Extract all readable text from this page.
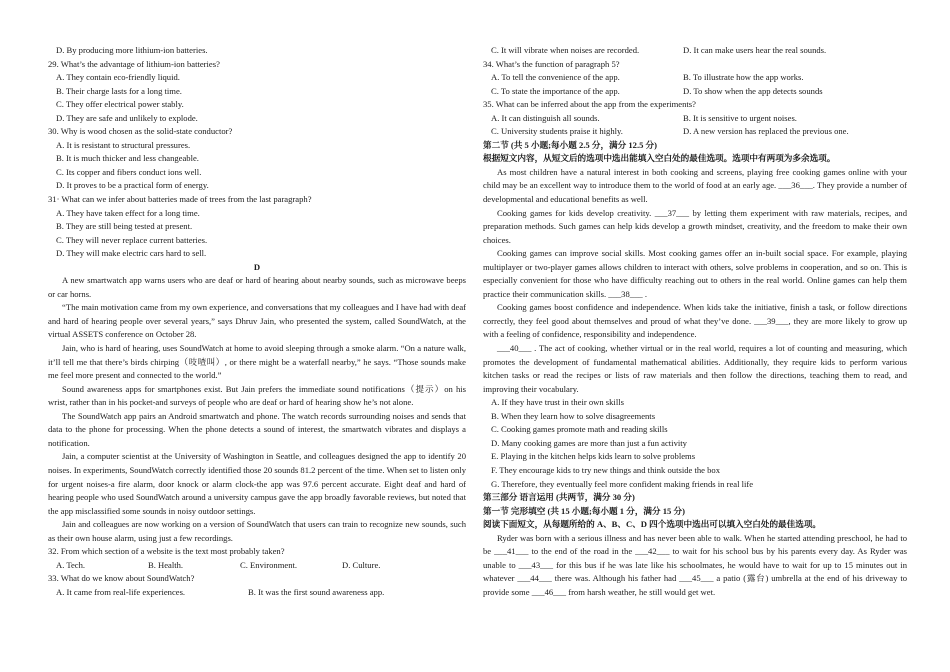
D. By producing more lithium-ion batteries.
29. What’s the advantage of lithium-ion batteries?
A. They contain eco-friendly liquid.
B. Their charge lasts for a long time.
C. They offer electrical power stably.
D. They are safe and unlikely to explode.
30. Why is wood chosen as the solid-state conductor?
A. It is resistant to structural pressures.
B. It is much thicker and less changeable.
C. Its copper and fibers conduct ions well.
D. It proves to be a practical form of energy.
31· What can we infer about batteries made of trees from the last paragraph?
A. They have taken effect for a long time.
B. They are still being tested at present.
C. They will never replace current batteries.
D. They will make electric cars hard to sell.
D
A new smartwatch app warns users who are deaf or hard of hearing about nearby sounds, such as microwave beeps or car horns.
“The main motivation came from my own experience, and conversations that my colleagues and I have had with deaf and hard of hearing people over several years,” says Dhruv Jain, who presented the system, called SoundWatch, at the virtual ASSETS conference on October 28.
Jain, who is hard of hearing, uses SoundWatch at home to avoid sleeping through a smoke alarm. “On a nature walk, it’ll tell me that there’s birds chirping（吱喳叫）, or there might be a waterfall nearby,” he says. “Those sounds make me feel more present and connected to the world.”
Sound awareness apps for smartphones exist. But Jain prefers the immediate sound notifications（提示）on his wrist, rather than in his pocket-and surveys of people who are deaf or hard of hearing show he’s not alone.
The SoundWatch app pairs an Android smartwatch and phone. The watch records surrounding noises and sends that data to the phone for processing. When the phone detects a sound of interest, the smartwatch vibrates and displays a notification.
Jain, a computer scientist at the University of Washington in Seattle, and colleagues designed the app to identify 20 noises. In experiments, SoundWatch correctly identified those 20 sounds 81.2 percent of the time. When set to listen only for urgent noises-a fire alarm, door knock or alarm clock-the app was 97.6 percent accurate. Eight deaf and hard of hearing people who used SoundWatch around a university campus gave the app broadly favorable reviews, but noted that the app misclassified some sounds in noisy outdoor settings.
Jain and colleagues are now working on a version of SoundWatch that users can train to recognize new sounds, such as their own house alarm, using just a few recordings.
32. From which section of a website is the text most probably taken?
A. Tech.	B. Health.	C. Environment.	D. Culture.
33. What do we know about SoundWatch?
A. It came from real-life experiences.	B. It was the first sound awareness app.
C. It will vibrate when noises are recorded.	D. It can make users hear the real sounds.
34. What’s the function of paragraph 5?
A. To tell the convenience of the app.	B. To illustrate how the app works.
C. To state the importance of the app.	D. To show when the app detects sounds
35. What can be inferred about the app from the experiments?
A. It can distinguish all sounds.	B. It is sensitive to urgent noises.
C. University students praise it highly.	D. A new version has replaced the previous one.
第二节 (共 5 小题;每小题 2.5 分，满分 12.5 分)
根据短文内容，从短文后的选项中选出能填入空白处的最佳选项。选项中有两项为多余选项。
As most children have a natural interest in both cooking and screens, playing free cooking games online with your child may be an excellent way to introduce them to the world of food at an early age. ___36___. They provide a number of developmental and educational benefits as well.
Cooking games for kids develop creativity. ___37___ by letting them experiment with raw materials, recipes, and preparation methods. Such games can help kids develop a growth mindset, creativity, and the freedom to make their own choices.
Cooking games can improve social skills. Most cooking games offer an in-built social space. For example, playing multiplayer or two-player games allows children to interact with others, solve problems in cooperation, and so on. This is especially convenient for those who have difficulty reaching out to others in the real world. Online games can help them practice their communication skills. ___38___ .
Cooking games boost confidence and independence. When kids take the initiative, finish a task, or follow directions correctly, they feel good about themselves and proud of what they’ve done. ___39___, they are more likely to grow up with a feeling of confidence, responsibility and independence.
___40___ . The act of cooking, whether virtual or in the real world, requires a lot of counting and measuring, which promotes the development of fundamental mathematical abilities. Additionally, they require kids to perform various kitchen tasks or read the recipes or lists of raw materials and then follow the directions, teaching them to read, and improving their vocabulary.
A. If they have trust in their own skills
B. When they learn how to solve disagreements
C. Cooking games promote math and reading skills
D. Many cooking games are more than just a fun activity
E. Playing in the kitchen helps kids learn to solve problems
F. They encourage kids to try new things and think outside the box
G. Therefore, they eventually feel more confident making friends in real life
第三部分 语言运用 (共两节，满分 30 分)
第一节 完形填空 (共 15 小题;每小题 1 分，满分 15 分)
阅读下面短文，从每题所给的 A、B、C、D 四个选项中选出可以填入空白处的最佳选项。
Ryder was born with a serious illness and has never been able to walk. When he started attending preschool, he had to be ___41___ to the end of the road in the ___42___ to wait for his school bus by his parents every day. As Ryder was unable to ___43___ for this bus if he was late like his schoolmates, he would have to wait for up to 15 minutes out in whatever ___44___ there was. Although his father had ___45___ a patio (露台) umbrella at the end of his driveway to provide some ___46___ from harsh weather, he still would get wet.
